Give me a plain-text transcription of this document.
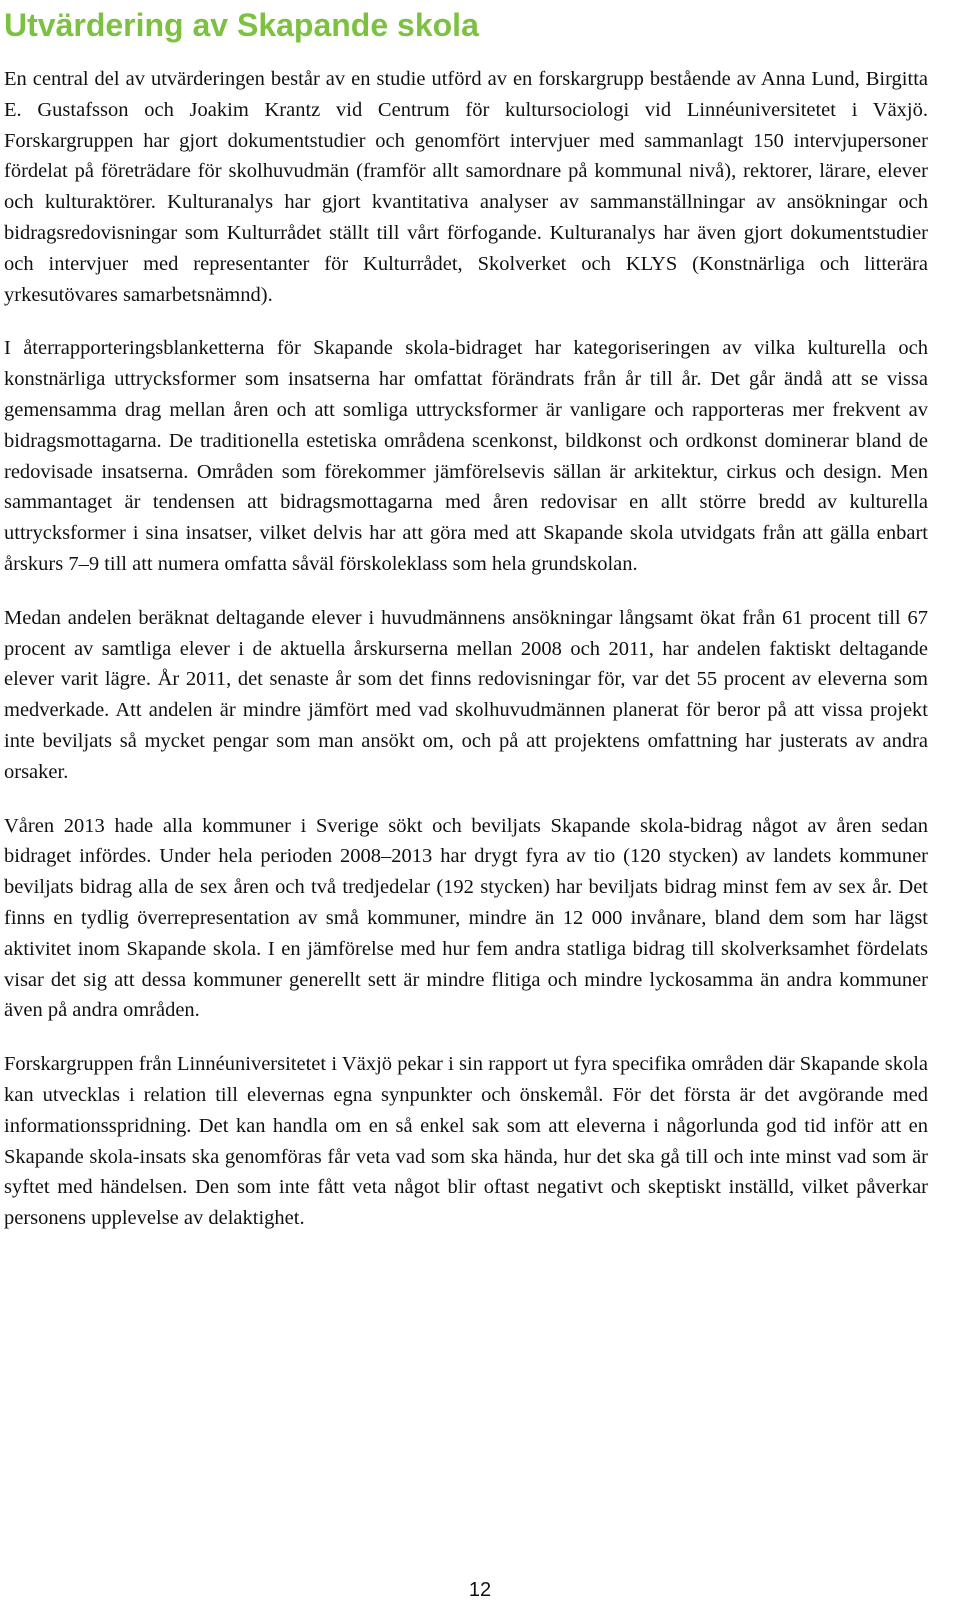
Utvärdering av Skapande skola

En central del av utvärderingen består av en studie utförd av en forskargrupp bestående av Anna Lund, Birgitta E. Gustafsson och Joakim Krantz vid Centrum för kultursociologi vid Linnéuniversitetet i Växjö. Forskargruppen har gjort dokumentstudier och genomfört intervjuer med sammanlagt 150 intervjupersoner fördelat på företrädare för skolhuvudmän (framför allt samordnare på kommunal nivå), rektorer, lärare, elever och kulturaktörer. Kulturanalys har gjort kvantitativa analyser av sammanställningar av ansökningar och bidragsredovisningar som Kulturrådet ställt till vårt förfogande. Kulturanalys har även gjort dokumentstudier och intervjuer med representanter för Kulturrådet, Skolverket och KLYS (Konstnärliga och litterära yrkesutövares samarbetsnämnd).

I återrapporteringsblanketterna för Skapande skola-bidraget har kategoriseringen av vilka kulturella och konstnärliga uttrycksformer som insatserna har omfattat förändrats från år till år. Det går ändå att se vissa gemensamma drag mellan åren och att somliga uttrycksformer är vanligare och rapporteras mer frekvent av bidragsmottagarna. De traditionella estetiska områdena scenkonst, bildkonst och ordkonst dominerar bland de redovisade insatserna. Områden som förekommer jämförelsevis sällan är arkitektur, cirkus och design. Men sammantaget är tendensen att bidragsmottagarna med åren redovisar en allt större bredd av kulturella uttrycksformer i sina insatser, vilket delvis har att göra med att Skapande skola utvidgats från att gälla enbart årskurs 7–9 till att numera omfatta såväl förskoleklass som hela grundskolan.

Medan andelen beräknat deltagande elever i huvudmännens ansökningar långsamt ökat från 61 procent till 67 procent av samtliga elever i de aktuella årskurserna mellan 2008 och 2011, har andelen faktiskt deltagande elever varit lägre. År 2011, det senaste år som det finns redovisningar för, var det 55 procent av eleverna som medverkade. Att andelen är mindre jämfört med vad skolhuvudmännen planerat för beror på att vissa projekt inte beviljats så mycket pengar som man ansökt om, och på att projektens omfattning har justerats av andra orsaker.

Våren 2013 hade alla kommuner i Sverige sökt och beviljats Skapande skola-bidrag något av åren sedan bidraget infördes. Under hela perioden 2008–2013 har drygt fyra av tio (120 stycken) av landets kommuner beviljats bidrag alla de sex åren och två tredjedelar (192 stycken) har beviljats bidrag minst fem av sex år. Det finns en tydlig överrepresentation av små kommuner, mindre än 12 000 invånare, bland dem som har lägst aktivitet inom Skapande skola. I en jämförelse med hur fem andra statliga bidrag till skolverksamhet fördelats visar det sig att dessa kommuner generellt sett är mindre flitiga och mindre lyckosamma än andra kommuner även på andra områden.

Forskargruppen från Linnéuniversitetet i Växjö pekar i sin rapport ut fyra specifika områden där Skapande skola kan utvecklas i relation till elevernas egna synpunkter och önskemål. För det första är det avgörande med informationsspridning. Det kan handla om en så enkel sak som att eleverna i någorlunda god tid inför att en Skapande skola-insats ska genomföras får veta vad som ska hända, hur det ska gå till och inte minst vad som är syftet med händelsen. Den som inte fått veta något blir oftast negativt och skeptiskt inställd, vilket påverkar personens upplevelse av delaktighet.

12
